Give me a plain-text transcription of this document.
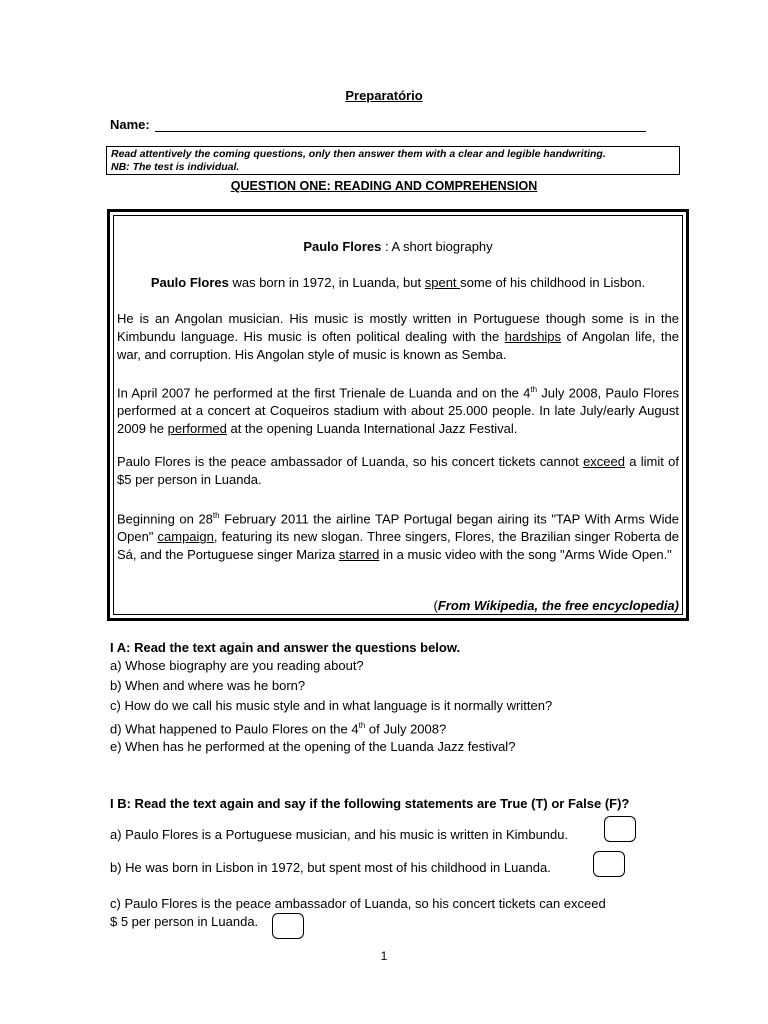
Preparatório
Name:
Read attentively the coming questions, only then answer them with a clear and legible handwriting.
NB: The test is individual.
QUESTION ONE: READING AND COMPREHENSION
Paulo Flores : A short biography
Paulo Flores was born in 1972, in Luanda, but spent some of his childhood in Lisbon.
He is an Angolan musician. His music is mostly written in Portuguese though some is in the Kimbundu language. His music is often political dealing with the hardships of Angolan life, the war, and corruption. His Angolan style of music is known as Semba.
In April 2007 he performed at the first Trienale de Luanda and on the 4th July 2008, Paulo Flores performed at a concert at Coqueiros stadium with about 25.000 people. In late July/early August 2009 he performed at the opening Luanda International Jazz Festival.
Paulo Flores is the peace ambassador of Luanda, so his concert tickets cannot exceed a limit of $5 per person in Luanda.
Beginning on 28th February 2011 the airline TAP Portugal began airing its "TAP With Arms Wide Open" campaign, featuring its new slogan. Three singers, Flores, the Brazilian singer Roberta de Sá, and the Portuguese singer Mariza starred in a music video with the song "Arms Wide Open."
(From Wikipedia, the free encyclopedia)
I A: Read the text again and answer the questions below.
a) Whose biography are you reading about?
b) When and where was he born?
c) How do we call his music style and in what language is it normally written?
d) What happened to Paulo Flores on the 4th of July 2008?
e) When has he performed at the opening of the Luanda Jazz festival?
I B: Read the text again and say if the following statements are True (T) or False (F)?
a) Paulo Flores is a Portuguese musician, and his music is written in Kimbundu.
b) He was born in Lisbon in 1972, but spent most of his childhood in Luanda.
c) Paulo Flores is the peace ambassador of Luanda, so his concert tickets can exceed
$ 5 per person in Luanda.
1
